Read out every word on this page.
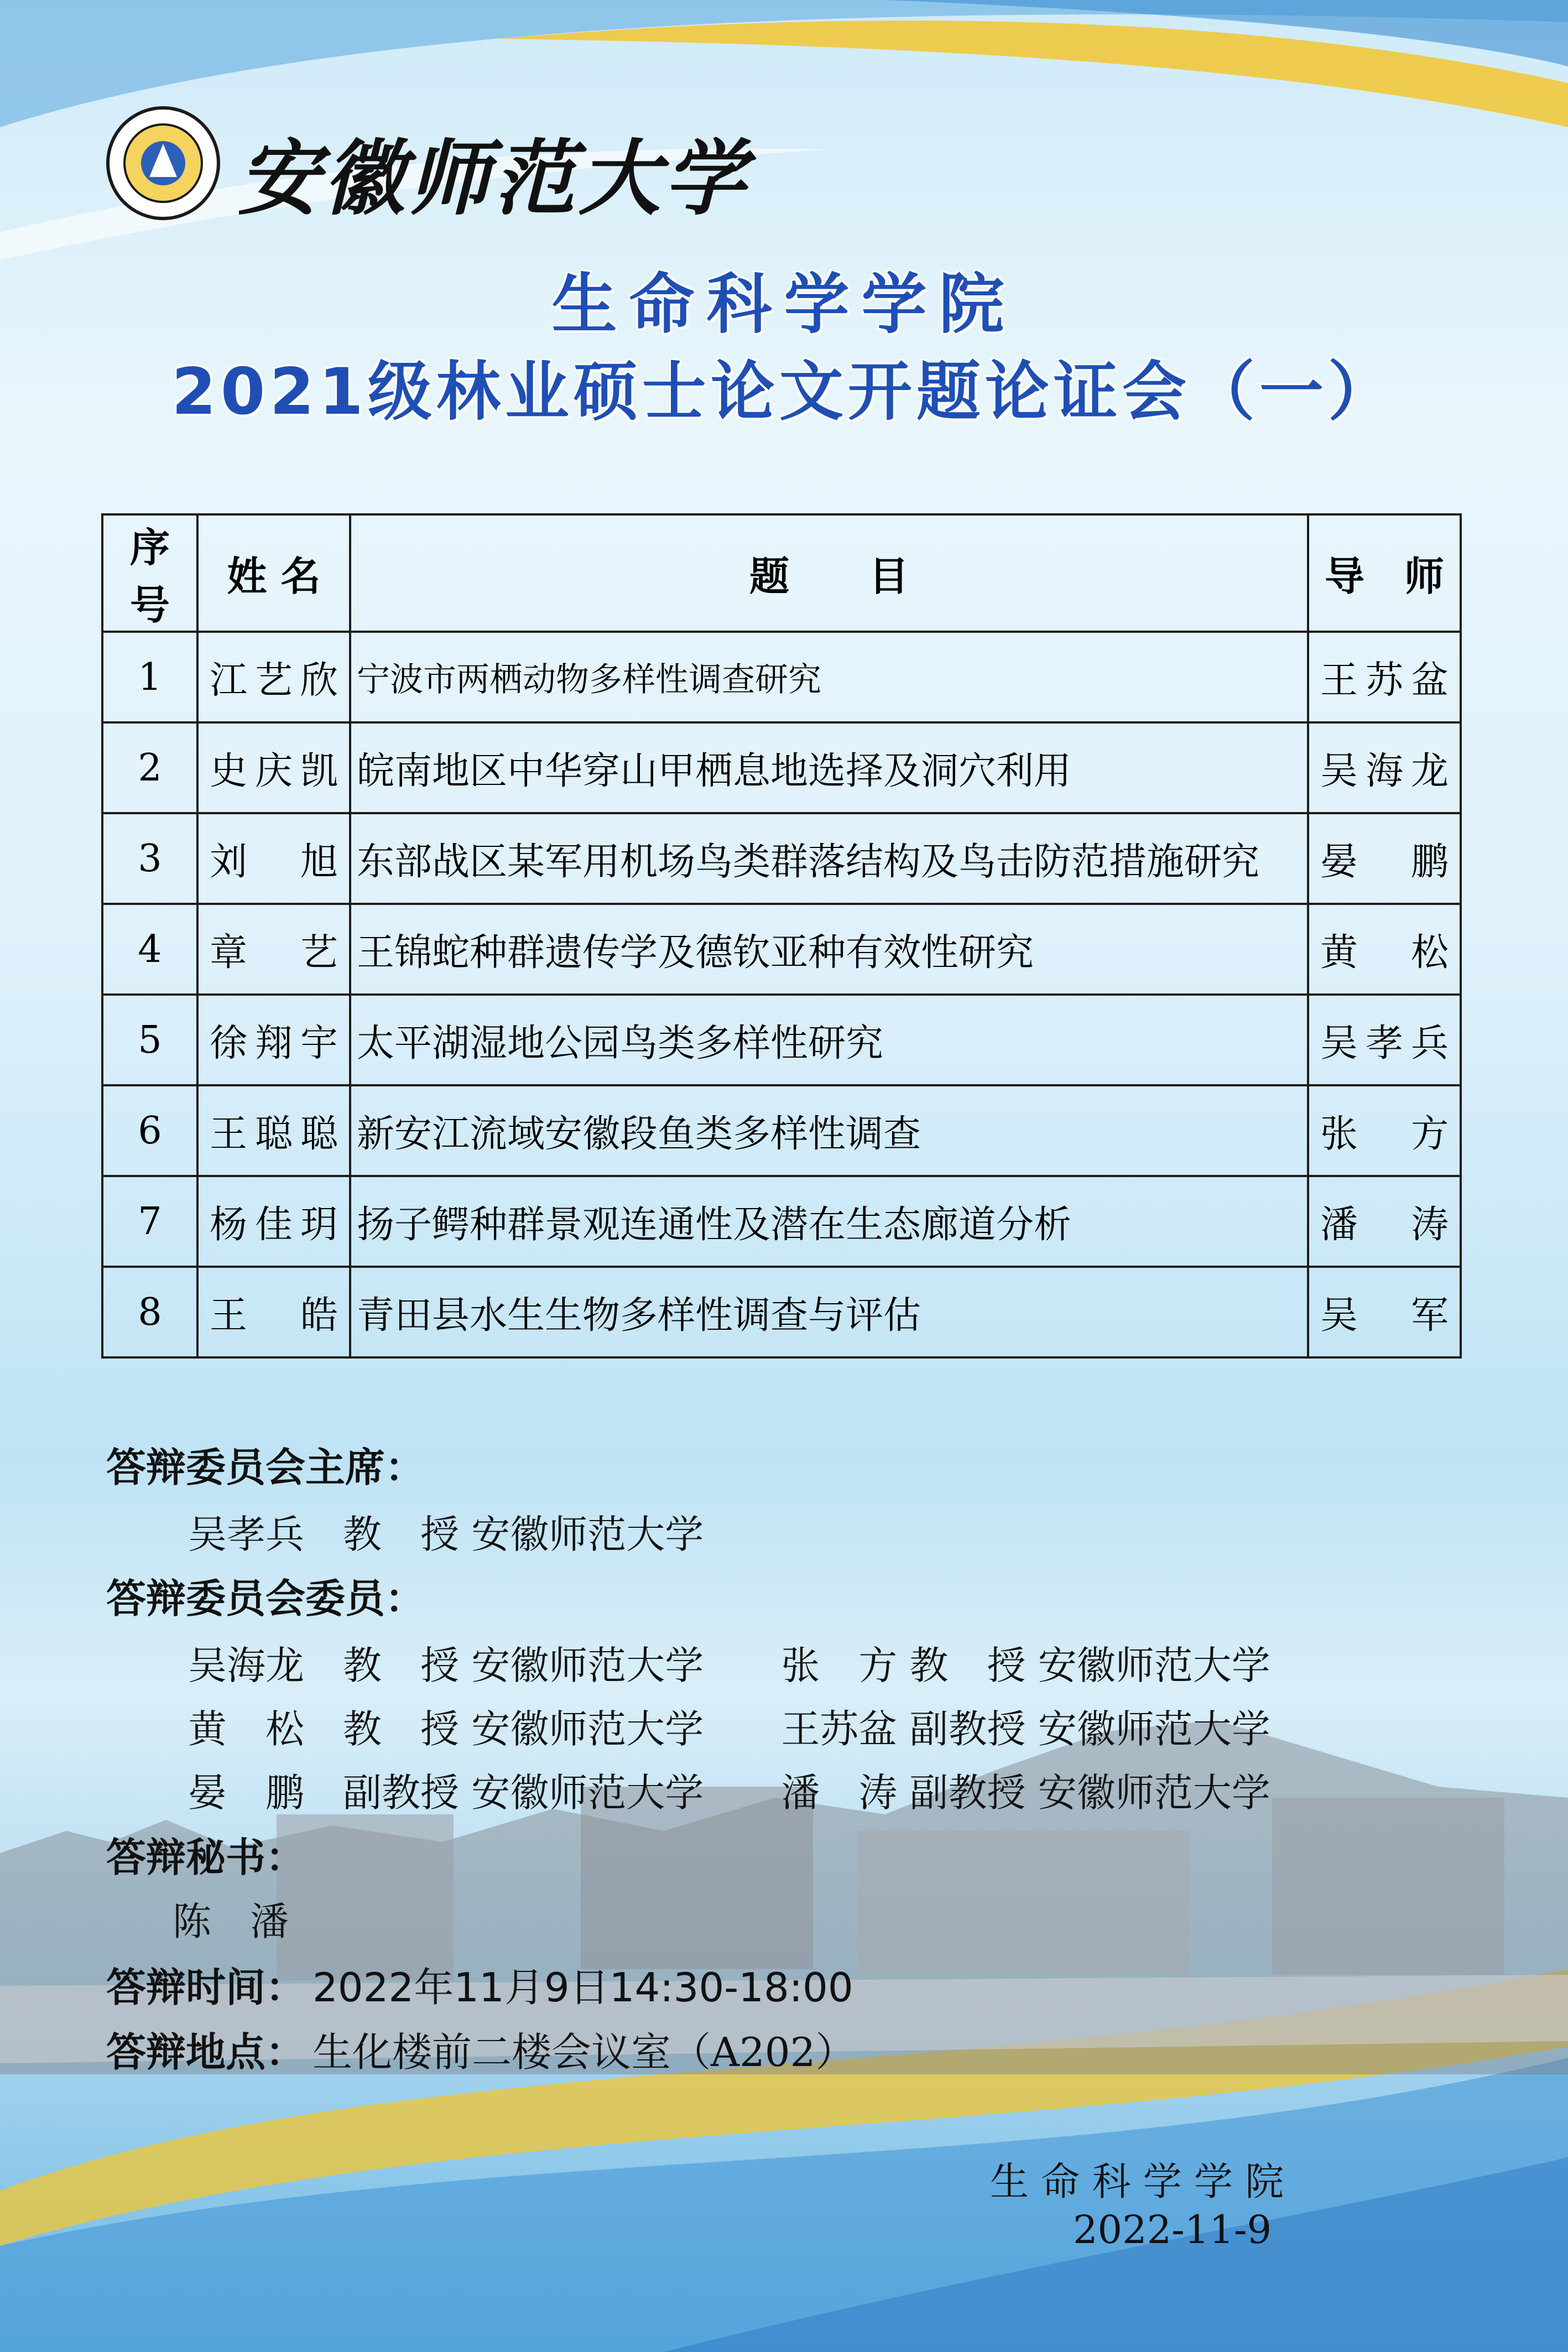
安徽师范大学
生命科学学院
2021级林业硕士论文开题论证会（一）
序号	姓 名	题　　目	导　师
1	江艺欣	宁波市两栖动物多样性调查研究	王苏盆
2	史庆凯	皖南地区中华穿山甲栖息地选择及洞穴利用	吴海龙
3	刘　旭	东部战区某军用机场鸟类群落结构及鸟击防范措施研究	晏　鹏
4	章　艺	王锦蛇种群遗传学及德钦亚种有效性研究	黄　松
5	徐翔宇	太平湖湿地公园鸟类多样性研究	吴孝兵
6	王聪聪	新安江流域安徽段鱼类多样性调查	张　方
7	杨佳玥	扬子鳄种群景观连通性及潜在生态廊道分析	潘　涛
8	王　皓	青田县水生生物多样性调查与评估	吴　军
答辩委员会主席：
吴孝兵　教　授 安徽师范大学
答辩委员会委员：
吴海龙　教　授 安徽师范大学　　张　方 教　授 安徽师范大学
黄　松　教　授 安徽师范大学　　王苏盆 副教授 安徽师范大学
晏　鹏　副教授 安徽师范大学　　潘　涛 副教授 安徽师范大学
答辩秘书：
陈　潘
答辩时间： 2022年11月9日14:30-18:00
答辩地点： 生化楼前二楼会议室（A202）
生 命 科 学 学 院
2022-11-9
